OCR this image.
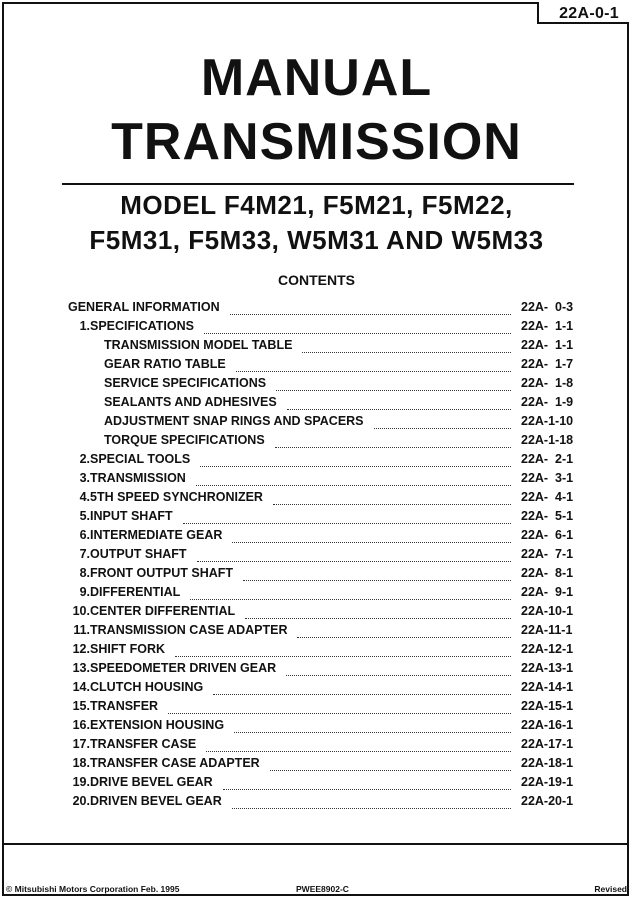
22A-0-1
MANUAL
TRANSMISSION
MODEL F4M21, F5M21, F5M22,
F5M31, F5M33, W5M31 AND W5M33
CONTENTS
GENERAL INFORMATION	22A-  0-3
1. SPECIFICATIONS	22A-  1-1
TRANSMISSION MODEL TABLE	22A-  1-1
GEAR RATIO TABLE	22A-  1-7
SERVICE SPECIFICATIONS	22A-  1-8
SEALANTS AND ADHESIVES	22A-  1-9
ADJUSTMENT SNAP RINGS AND SPACERS	22A-1-10
TORQUE SPECIFICATIONS	22A-1-18
2. SPECIAL TOOLS	22A-  2-1
3. TRANSMISSION	22A-  3-1
4. 5TH SPEED SYNCHRONIZER	22A-  4-1
5. INPUT SHAFT	22A-  5-1
6. INTERMEDIATE GEAR	22A-  6-1
7. OUTPUT SHAFT	22A-  7-1
8. FRONT OUTPUT SHAFT	22A-  8-1
9. DIFFERENTIAL	22A-  9-1
10. CENTER DIFFERENTIAL	22A-10-1
11. TRANSMISSION CASE ADAPTER	22A-11-1
12. SHIFT FORK	22A-12-1
13. SPEEDOMETER DRIVEN GEAR	22A-13-1
14. CLUTCH HOUSING	22A-14-1
15. TRANSFER	22A-15-1
16. EXTENSION HOUSING	22A-16-1
17. TRANSFER CASE	22A-17-1
18. TRANSFER CASE ADAPTER	22A-18-1
19. DRIVE BEVEL GEAR	22A-19-1
20. DRIVEN BEVEL GEAR	22A-20-1
© Mitsubishi Motors Corporation Feb. 1995	PWEE8902-C	Revised
